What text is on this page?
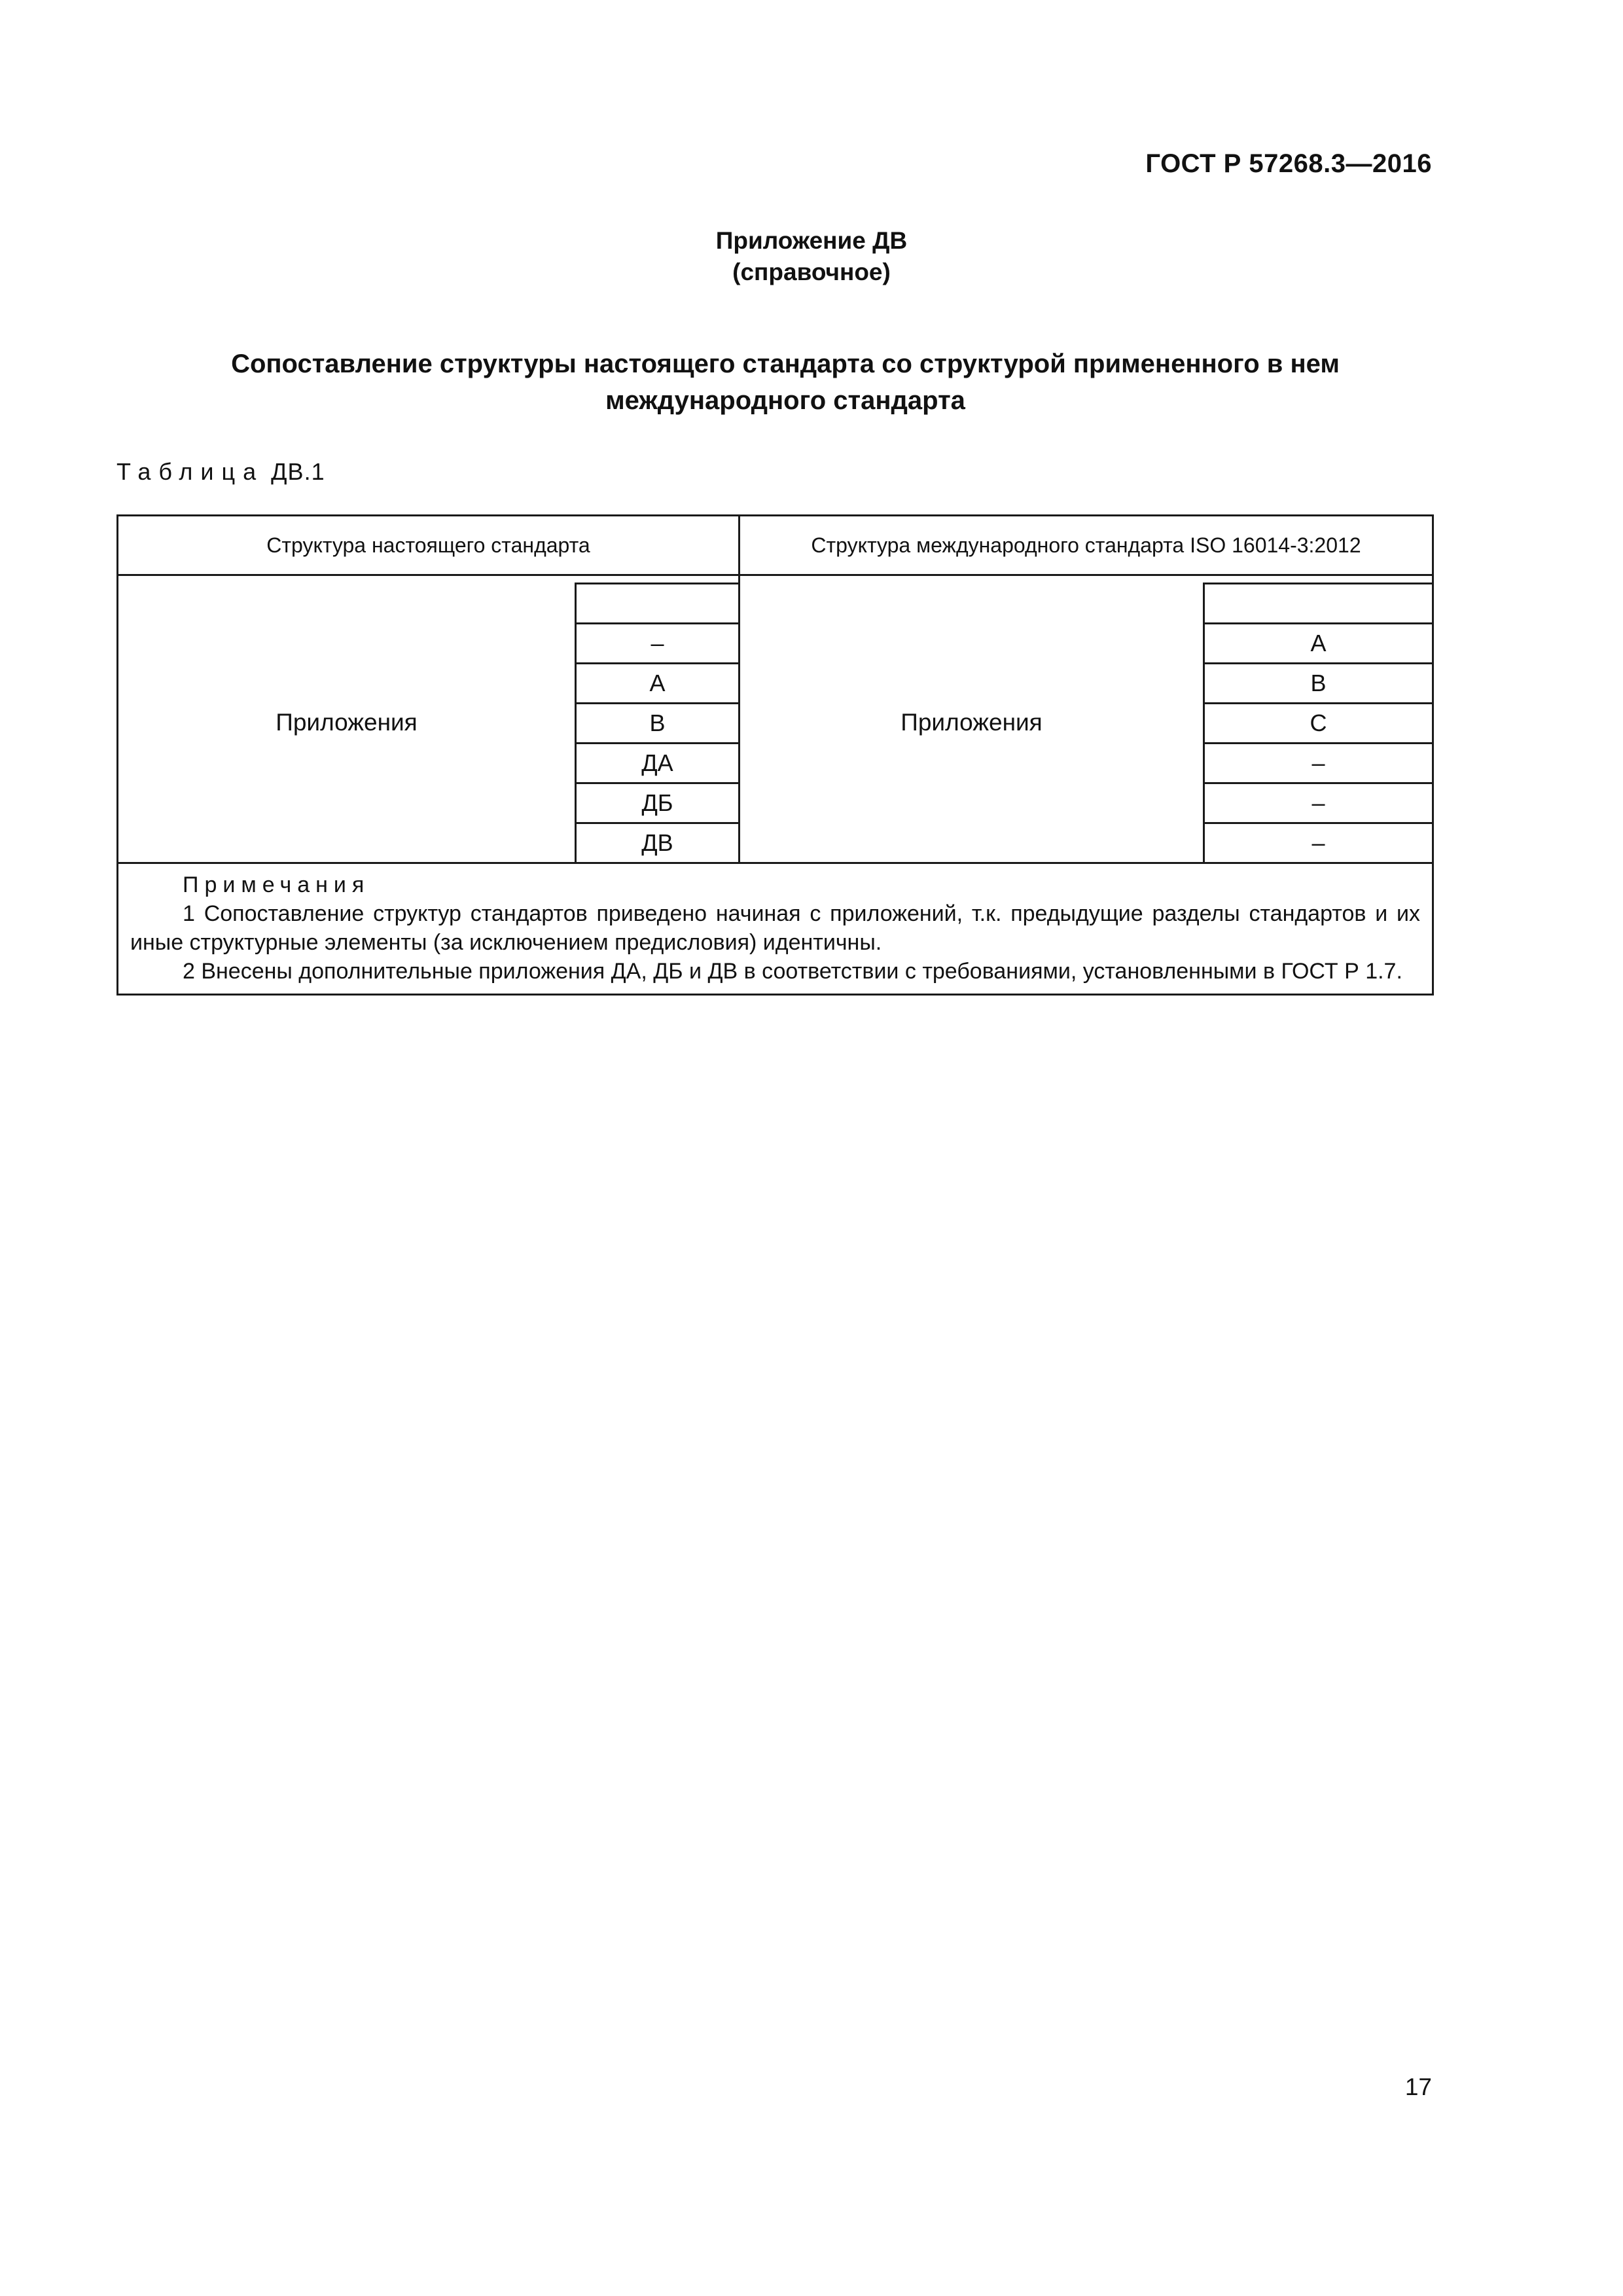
ГОСТ Р 57268.3—2016
Приложение ДВ
(справочное)
Сопоставление структуры настоящего стандарта со структурой примененного в нем
международного стандарта
Таблица ДВ.1
Структура настоящего стандарта		Структура международного стандарта ISO 16014-3:2012	

Приложения		Приложения	
	–		A
	А		В
	В		С
	ДА		–
	ДБ		–
	ДВ		–

Примечания
1 Сопоставление структур стандартов приведено начиная с приложений, т.к. предыдущие разделы стандартов и их иные структурные элементы (за исключением предисловия) идентичны.
2 Внесены дополнительные приложения ДА, ДБ и ДВ в соответствии с требованиями, установленными в ГОСТ Р 1.7.			
17
